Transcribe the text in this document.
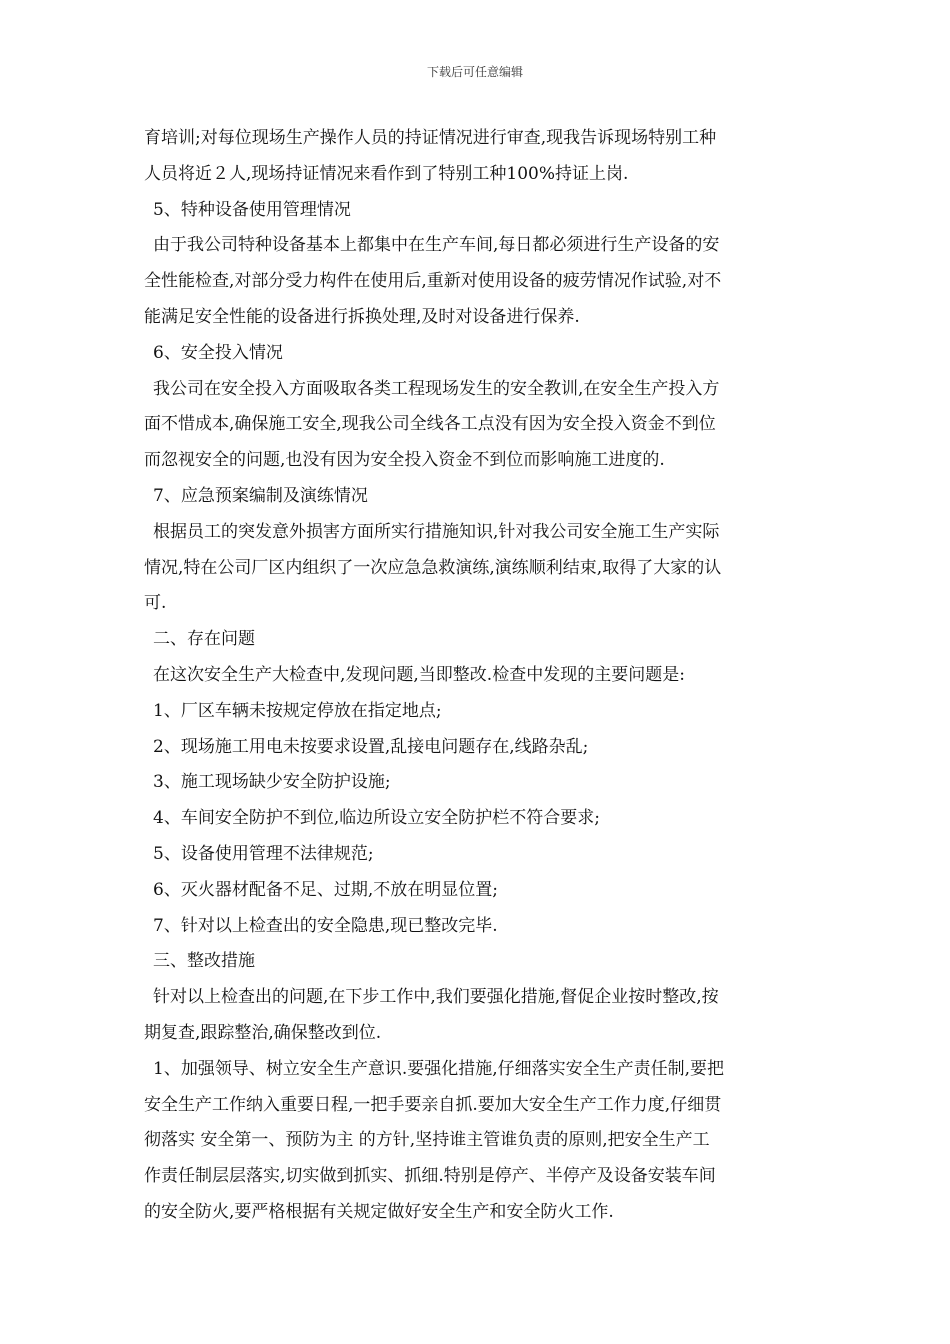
下载后可任意编辑

育培训;对每位现场生产操作人员的持证情况进行审查,现我告诉现场特别工种

人员将近２人,现场持证情况来看作到了特别工种100%持证上岗.

5、特种设备使用管理情况

由于我公司特种设备基本上都集中在生产车间,每日都必须进行生产设备的安

全性能检查,对部分受力构件在使用后,重新对使用设备的疲劳情况作试验,对不

能满足安全性能的设备进行拆换处理,及时对设备进行保养.

6、安全投入情况

我公司在安全投入方面吸取各类工程现场发生的安全教训,在安全生产投入方

面不惜成本,确保施工安全,现我公司全线各工点没有因为安全投入资金不到位

而忽视安全的问题,也没有因为安全投入资金不到位而影响施工进度的.

7、应急预案编制及演练情况

根据员工的突发意外损害方面所实行措施知识,针对我公司安全施工生产实际

情况,特在公司厂区内组织了一次应急急救演练,演练顺利结束,取得了大家的认

可.

二、存在问题

在这次安全生产大检查中,发现问题,当即整改.检查中发现的主要问题是:

1、厂区车辆未按规定停放在指定地点;

2、现场施工用电未按要求设置,乱接电问题存在,线路杂乱;

3、施工现场缺少安全防护设施;

4、车间安全防护不到位,临边所设立安全防护栏不符合要求;

5、设备使用管理不法律规范;

6、灭火器材配备不足、过期,不放在明显位置;

7、针对以上检查出的安全隐患,现已整改完毕.

三、整改措施

针对以上检查出的问题,在下步工作中,我们要强化措施,督促企业按时整改,按

期复查,跟踪整治,确保整改到位.

1、加强领导、树立安全生产意识.要强化措施,仔细落实安全生产责任制,要把

安全生产工作纳入重要日程,一把手要亲自抓.要加大安全生产工作力度,仔细贯

彻落实 安全第一、预防为主 的方针,坚持谁主管谁负责的原则,把安全生产工

作责任制层层落实,切实做到抓实、抓细.特别是停产、半停产及设备安装车间

的安全防火,要严格根据有关规定做好安全生产和安全防火工作.
